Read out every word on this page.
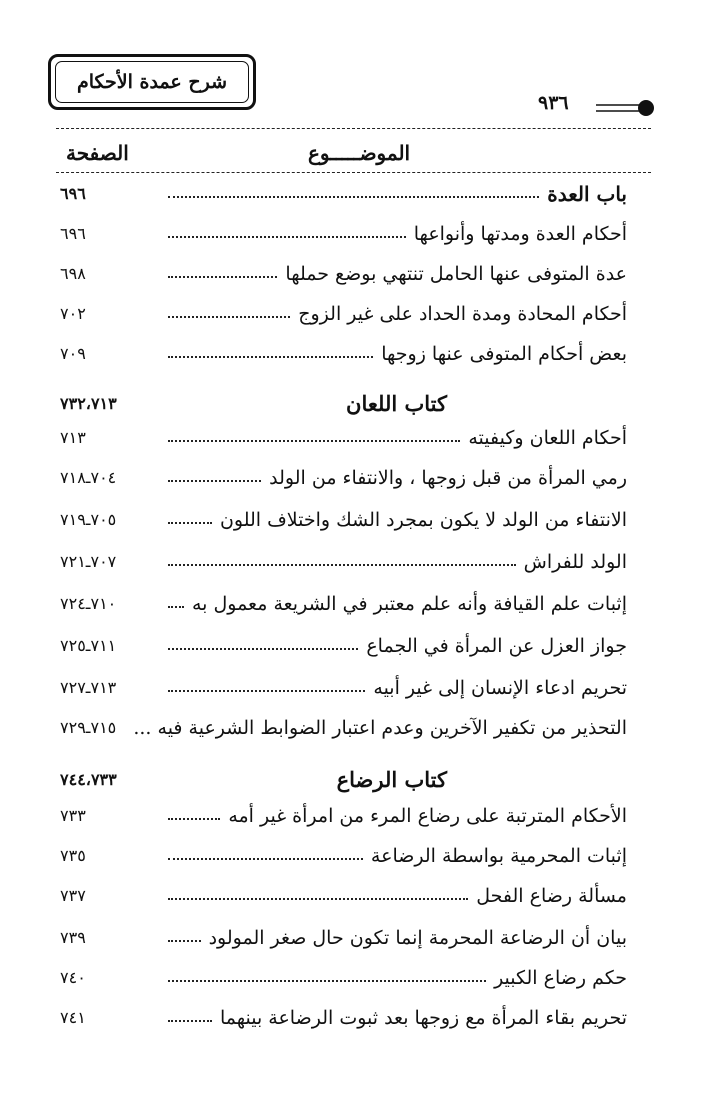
شرح عمدة الأحكام
٩٣٦
الصفحة	الموضـــــوع
٦٩٦	باب العدة
٦٩٦	أحكام العدة ومدتها وأنواعها
٦٩٨	عدة المتوفى عنها الحامل تنتهي بوضع حملها
٧٠٢	أحكام المحادة ومدة الحداد على غير الزوج
٧٠٩	بعض أحكام المتوفى عنها زوجها
٧٣٢،٧١٣	كتاب اللعان
٧١٣	أحكام اللعان وكيفيته
٧٠٤ـ٧١٨	رمي المرأة من قبل زوجها ، والانتفاء من الولد
٧٠٥ـ٧١٩	الانتفاء من الولد لا يكون بمجرد الشك واختلاف اللون
٧٠٧ـ٧٢١	الولد للفراش
٧١٠ـ٧٢٤	إثبات علم القيافة وأنه علم معتبر في الشريعة معمول به
٧١١ـ٧٢٥	جواز العزل عن المرأة في الجماع
٧١٣ـ٧٢٧	تحريم ادعاء الإنسان إلى غير أبيه
٧١٥ـ٧٢٩ التحذير من تكفير الآخرين وعدم اعتبار الضوابط الشرعية فيه ...
٧٤٤،٧٣٣	كتاب الرضاع
٧٣٣	الأحكام المترتبة على رضاع المرء من امرأة غير أمه
٧٣٥	إثبات المحرمية بواسطة الرضاعة
٧٣٧	مسألة رضاع الفحل
٧٣٩	بيان أن الرضاعة المحرمة إنما تكون حال صغر المولود
٧٤٠	حكم رضاع الكبير
٧٤١	تحريم بقاء المرأة مع زوجها بعد ثبوت الرضاعة بينهما
